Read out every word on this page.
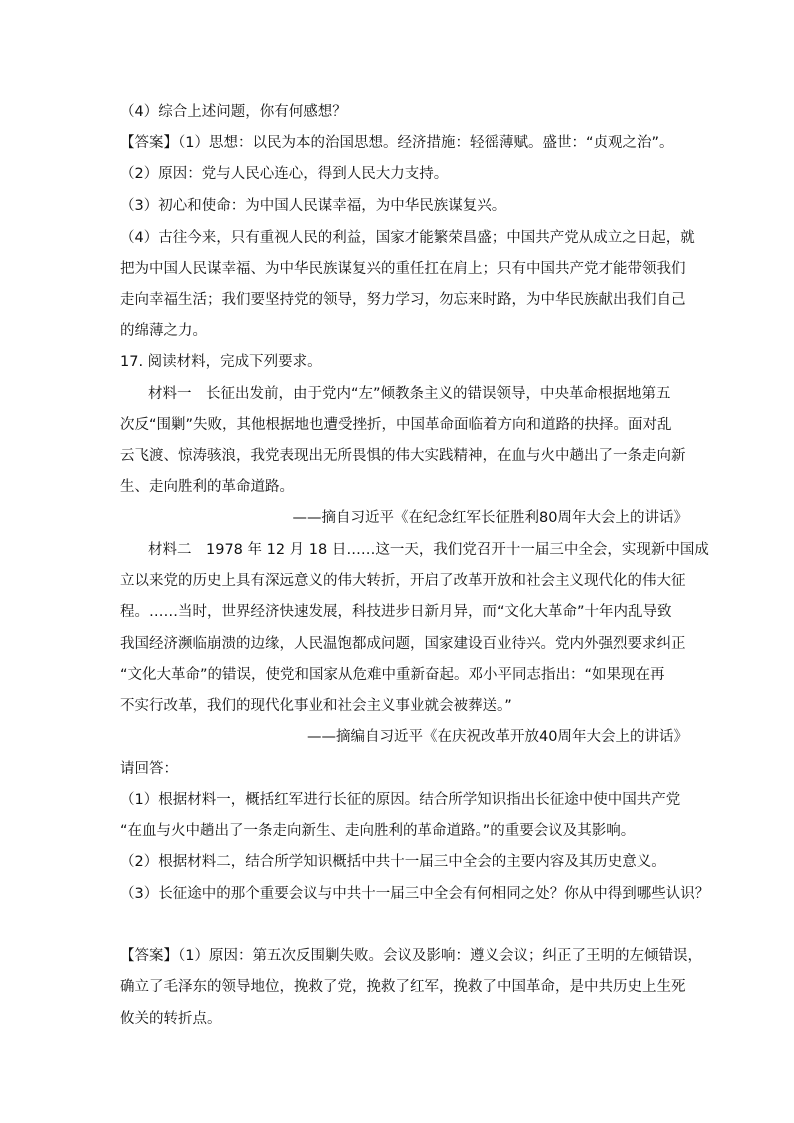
（4）综合上述问题，你有何感想？
【答案】（1）思想：以民为本的治国思想。经济措施：轻徭薄赋。盛世：“贞观之治”。
（2）原因：党与人民心连心，得到人民大力支持。
（3）初心和使命：为中国人民谋幸福，为中华民族谋复兴。
（4）古往今来，只有重视人民的利益，国家才能繁荣昌盛；中国共产党从成立之日起，就
把为中国人民谋幸福、为中华民族谋复兴的重任扛在肩上；只有中国共产党才能带领我们
走向幸福生活；我们要坚持党的领导，努力学习，勿忘来时路，为中华民族献出我们自己
的绵薄之力。
17. 阅读材料，完成下列要求。
材料一　长征出发前，由于党内“左”倾教条主义的错误领导，中央革命根据地第五
次反“围剿”失败，其他根据地也遭受挫折，中国革命面临着方向和道路的抉择。面对乱
云飞渡、惊涛骇浪，我党表现出无所畏惧的伟大实践精神，在血与火中趟出了一条走向新
生、走向胜利的革命道路。
——摘自习近平《在纪念红军长征胜利80周年大会上的讲话》
材料二　1978 年 12 月 18 日……这一天，我们党召开十一届三中全会，实现新中国成
立以来党的历史上具有深远意义的伟大转折，开启了改革开放和社会主义现代化的伟大征
程。……当时，世界经济快速发展，科技进步日新月异，而“文化大革命”十年内乱导致
我国经济濒临崩溃的边缘，人民温饱都成问题，国家建设百业待兴。党内外强烈要求纠正
“文化大革命”的错误，使党和国家从危难中重新奋起。邓小平同志指出：“如果现在再
不实行改革，我们的现代化事业和社会主义事业就会被葬送。”
——摘编自习近平《在庆祝改革开放40周年大会上的讲话》
请回答：
（1）根据材料一，概括红军进行长征的原因。结合所学知识指出长征途中使中国共产党
“在血与火中趟出了一条走向新生、走向胜利的革命道路。”的重要会议及其影响。
（2）根据材料二，结合所学知识概括中共十一届三中全会的主要内容及其历史意义。
（3）长征途中的那个重要会议与中共十一届三中全会有何相同之处？你从中得到哪些认识？
【答案】（1）原因：第五次反围剿失败。会议及影响：遵义会议；纠正了王明的左倾错误，
确立了毛泽东的领导地位，挽救了党，挽救了红军，挽救了中国革命，是中共历史上生死
攸关的转折点。
